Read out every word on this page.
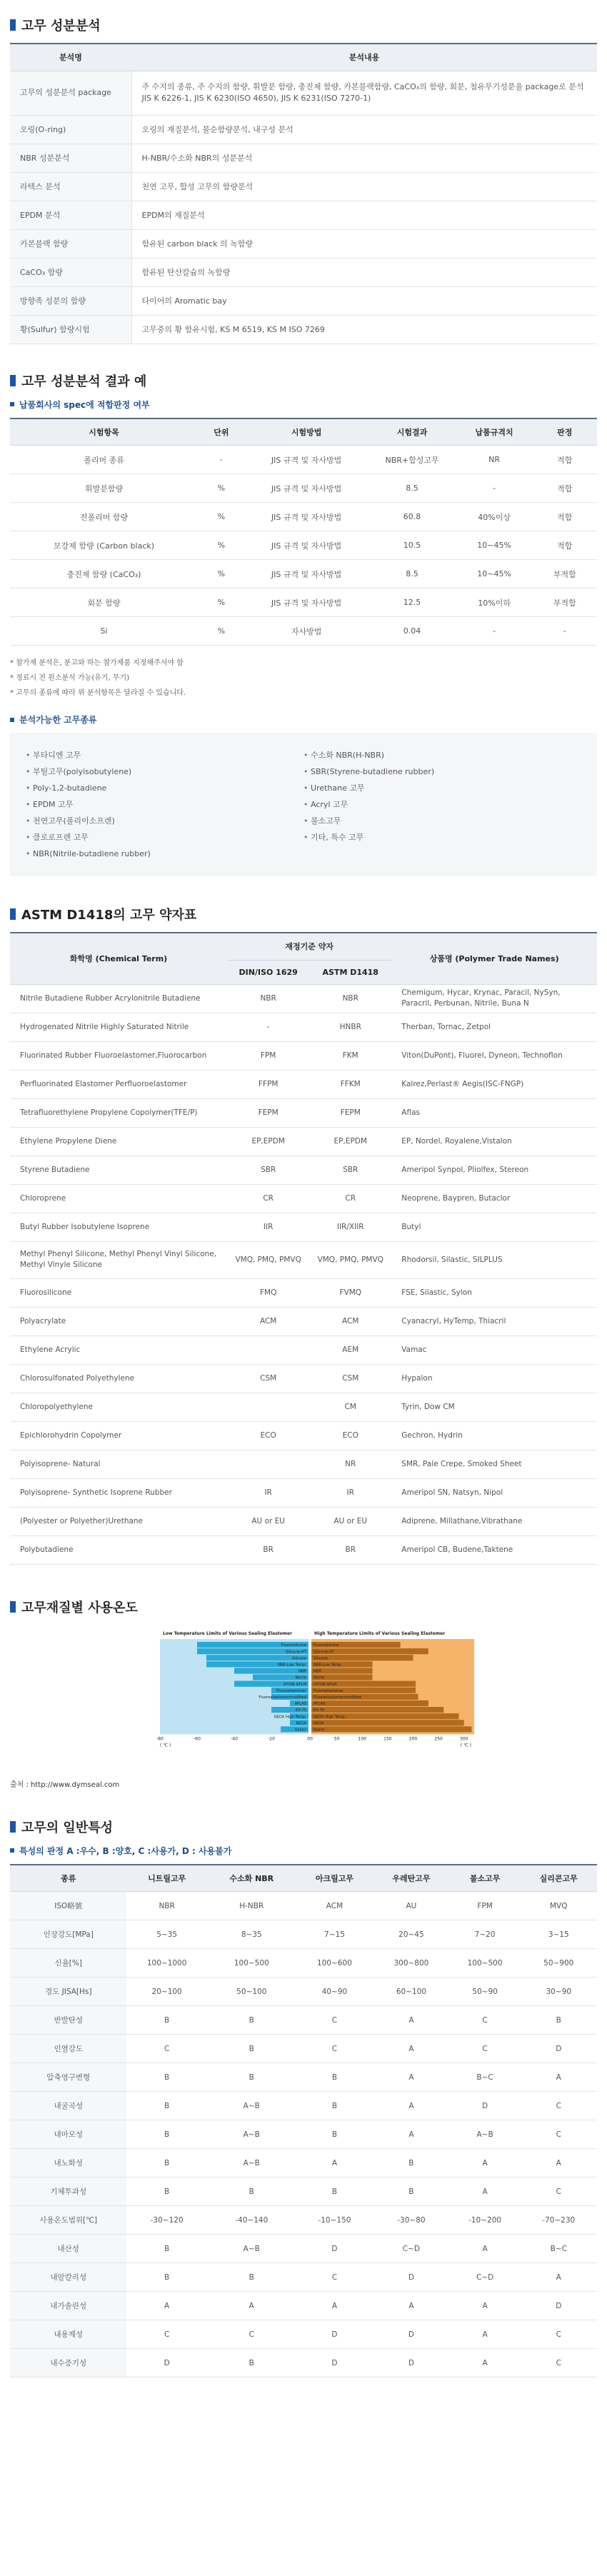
고무 성분분석
분석명	분석내용
고무의 성분분석 package	주 수지의 종류, 주 수지의 함량, 휘발분 함량, 충진제 함량, 카본블랙함량, CaCO₃의 함량, 회분, 첨유무기성분율 package로 분석 JIS K 6226-1, JIS K 6230(ISO 4650), JIS K 6231(ISO 7270-1)
오링(O-ring)	오링의 재질분석, 불순함량분석, 내구성 분석
NBR 성분분석	H-NBR/수소화 NBR의 성분분석
라텍스 분석	천연 고무, 합성 고무의 함량분석
EPDM 분석	EPDM의 재질분석
카본블랙 함량	함유된 carbon black 의 녹함량
CaCO₃ 함량	함유된 탄산칼슘의 녹함량
방향족 성분의 함량	타이어의 Aromatic bay
황(Sulfur) 함량시험	고무중의 황 함유시험, KS M 6519, KS M ISO 7269
고무 성분분석 결과 예
납품회사의 spec에 적합판정 여부
시험항목	단위	시험방법	시험결과	납품규격치	판정
폴리머 종류	-	JIS 규격 및 자사방법	NBR+합성고무	NR	적합
휘발분함량	%	JIS 규격 및 자사방법	8.5	-	적합
전폴리머 함량	%	JIS 규격 및 자사방법	60.8	40%이상	적합
보강제 함량 (Carbon black)	%	JIS 규격 및 자사방법	10.5	10~45%	적합
충진제 함량 (CaCO₃)	%	JIS 규격 및 자사방법	8.5	10~45%	부적합
회분 함량	%	JIS 규격 및 자사방법	12.5	10%이하	부적합
Si	%	자사방법	0.04	-	-
* 참가제 분석은, 분고와 하는 참가제품 지정해주셔야 함
* 정료시 전 원소분석 가능(유기, 무기)
* 고무의 종류에 따라 위 분석항목은 달라질 수 있습니다.
분석가능한 고무종류
• 부타디엔 고무
• 부틸고무(polyisobutylene)
• Poly-1,2-butadiene
• EPDM 고무
• 천연고무(폴리이소프렌)
• 클로로프렌 고무
• NBR(Nitrile-butadiene rubber)
• 수소화 NBR(H-NBR)
• SBR(Styrene-butadiene rubber)
• Urethane 고무
• Acryl 고무
• 불소고무
• 기타, 특수 고무
ASTM D1418의 고무 약자표
화학명 (Chemical Term)	재정기준 약자		상품명 (Polymer Trade Names)
	DIN/ISO 1629	ASTM D1418	
Nitrile Butadiene Rubber Acrylonitrile Butadiene	NBR	NBR	Chemigum, Hycar, Krynac, Paracil, NySyn, Paracril, Perbunan, Nitrile, Buna N
Hydrogenated Nitrile Highly Saturated Nitrile	-	HNBR	Therban, Tornac, Zetpol
Fluorinated Rubber Fluoroelastomer,Fluorocarbon	FPM	FKM	Viton(DuPont), Fluorel, Dyneon, Technoflon
Perfluorinated Elastomer Perfluoroelastomer	FFPM	FFKM	Kalrez,Perlast® Aegis(ISC-FNGP)
Tetrafluorethylene Propylene Copolymer(TFE/P)	FEPM	FEPM	Aflas
Ethylene Propylene Diene	EP,EPDM	EP,EPDM	EP, Nordel, Royalene,Vistalon
Styrene Butadiene	SBR	SBR	Ameripol Synpol, Pliolfex, Stereon
Chloroprene	CR	CR	Neoprene, Baypren, Butaclor
Butyl Rubber Isobutylene Isoprene	IIR	IIR/XIIR	Butyl
Methyl Phenyl Silicone, Methyl Phenyl Vinyl Silicone, Methyl Vinyle Silicone	VMQ, PMQ, PMVQ	VMQ, PMQ, PMVQ	Rhodorsil, Silastic, SILPLUS
Fluorosilicone	FMQ	FVMQ	FSE, Silastic, Sylon
Polyacrylate	ACM	ACM	Cyanacryl, HyTemp, Thiacril
Ethylene Acrylic		AEM	Vamac
Chlorosulfonated Polyethylene	CSM	CSM	Hypalon
Chloropolyethylene		CM	Tyrin, Dow CM
Epichlorohydrin Copolymer	ECO	ECO	Gechron, Hydrin
Polyisoprene- Natural		NR	SMR, Pale Crepe, Smoked Sheet
Polyisoprene- Synthetic Isoprene Rubber	IR	IR	Ameripol SN, Natsyn, Nipol
(Polyester or Polyether)Urethane	AU or EU	AU or EU	Adiprene, Millathane,Vibrathane
Polybutadiene	BR	BR	Ameripol CB, Budene,Taktene
고무재질별 사용온도
Low Temperature Limits of Various Sealing Elastomer	High Temperature Limits of Various Sealing Elastomer
Fluorosilicone Fluorosilicone
Silicone-HT Silicone-HT
Silicone Silicone
NBR-Low Temp. NBR-Low Temp.
NBR NBR
Nitrile Nitrile
VITON-GFLM VITON-GFLM
Fluoroelastomer Fluoroelastomer
Fluoroelastomer/modified Fluoroelastomer/modified
AFLAS AFLAS
EX-75 EX-75
NEOX High Temp. NEOX High Temp.
NEOX NEOX
Kalrez Kalrez
-80	-60	-40	-20	0 0	50	100	150	200	250	300
( ℃ )	( ℃ )
출처 : http://www.dymseal.com
고무의 일반특성
특성의 판정 A :우수, B :양호, C :사용가, D : 사용불가
종류	니트릴고무	수소화 NBR	아크릴고무	우레탄고무	불소고무	실리콘고무
ISO略號	NBR	H-NBR	ACM	AU	FPM	MVQ
인장강도[MPa]	5~35	8~35	7~15	20~45	7~20	3~15
신율[%]	100~1000	100~500	100~600	300~800	100~500	50~900
경도 JISA[Hs]	20~100	50~100	40~90	60~100	50~90	30~90
반발탄성	B	B	C	A	C	B
인열강도	C	B	C	A	C	D
압축영구변형	B	B	B	A	B~C	A
내굴곡성	B	A~B	B	A	D	C
내마모성	B	A~B	B	A	A~B	C
내노화성	B	A~B	A	B	A	A
기체투과성	B	B	B	B	A	C
사용온도범위[℃]	-30~120	-40~140	-10~150	-30~80	-10~200	-70~230
내산성	B	A~B	D	C~D	A	B~C
내알칼리성	B	B	C	D	C~D	A
내가솔린성	A	A	A	A	A	D
내용제성	C	C	D	D	A	C
내수증기성	D	B	D	D	A	C
